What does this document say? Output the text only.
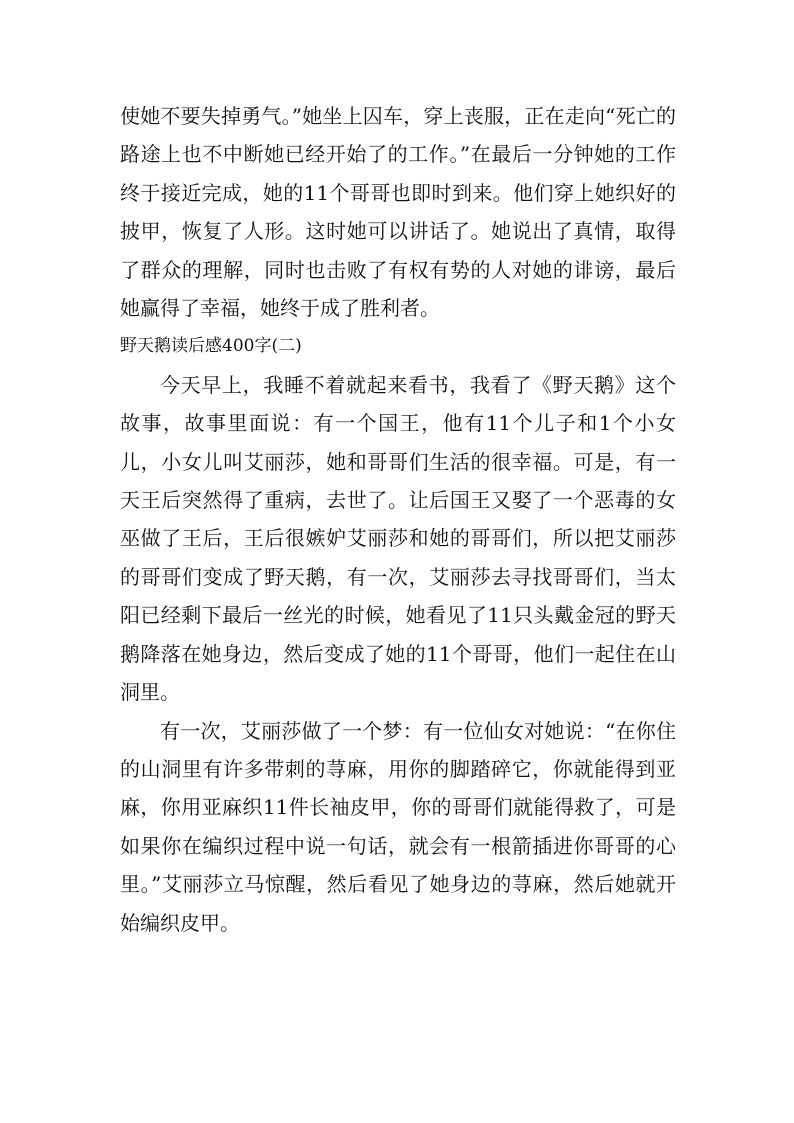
使她不要失掉勇气。”她坐上囚车，穿上丧服，正在走向“死亡的路途上也不中断她已经开始了的工作。”在最后一分钟她的工作终于接近完成，她的11个哥哥也即时到来。他们穿上她织好的披甲，恢复了人形。这时她可以讲话了。她说出了真情，取得了群众的理解，同时也击败了有权有势的人对她的诽谤，最后她赢得了幸福，她终于成了胜利者。

野天鹅读后感400字(二)

今天早上，我睡不着就起来看书，我看了《野天鹅》这个故事，故事里面说：有一个国王，他有11个儿子和1个小女儿，小女儿叫艾丽莎，她和哥哥们生活的很幸福。可是，有一天王后突然得了重病，去世了。让后国王又娶了一个恶毒的女巫做了王后，王后很嫉妒艾丽莎和她的哥哥们，所以把艾丽莎的哥哥们变成了野天鹅，有一次，艾丽莎去寻找哥哥们，当太阳已经剩下最后一丝光的时候，她看见了11只头戴金冠的野天鹅降落在她身边，然后变成了她的11个哥哥，他们一起住在山洞里。

有一次，艾丽莎做了一个梦：有一位仙女对她说：“在你住的山洞里有许多带刺的荨麻，用你的脚踏碎它，你就能得到亚麻，你用亚麻织11件长袖皮甲，你的哥哥们就能得救了，可是如果你在编织过程中说一句话，就会有一根箭插进你哥哥的心里。”艾丽莎立马惊醒，然后看见了她身边的荨麻，然后她就开始编织皮甲。
